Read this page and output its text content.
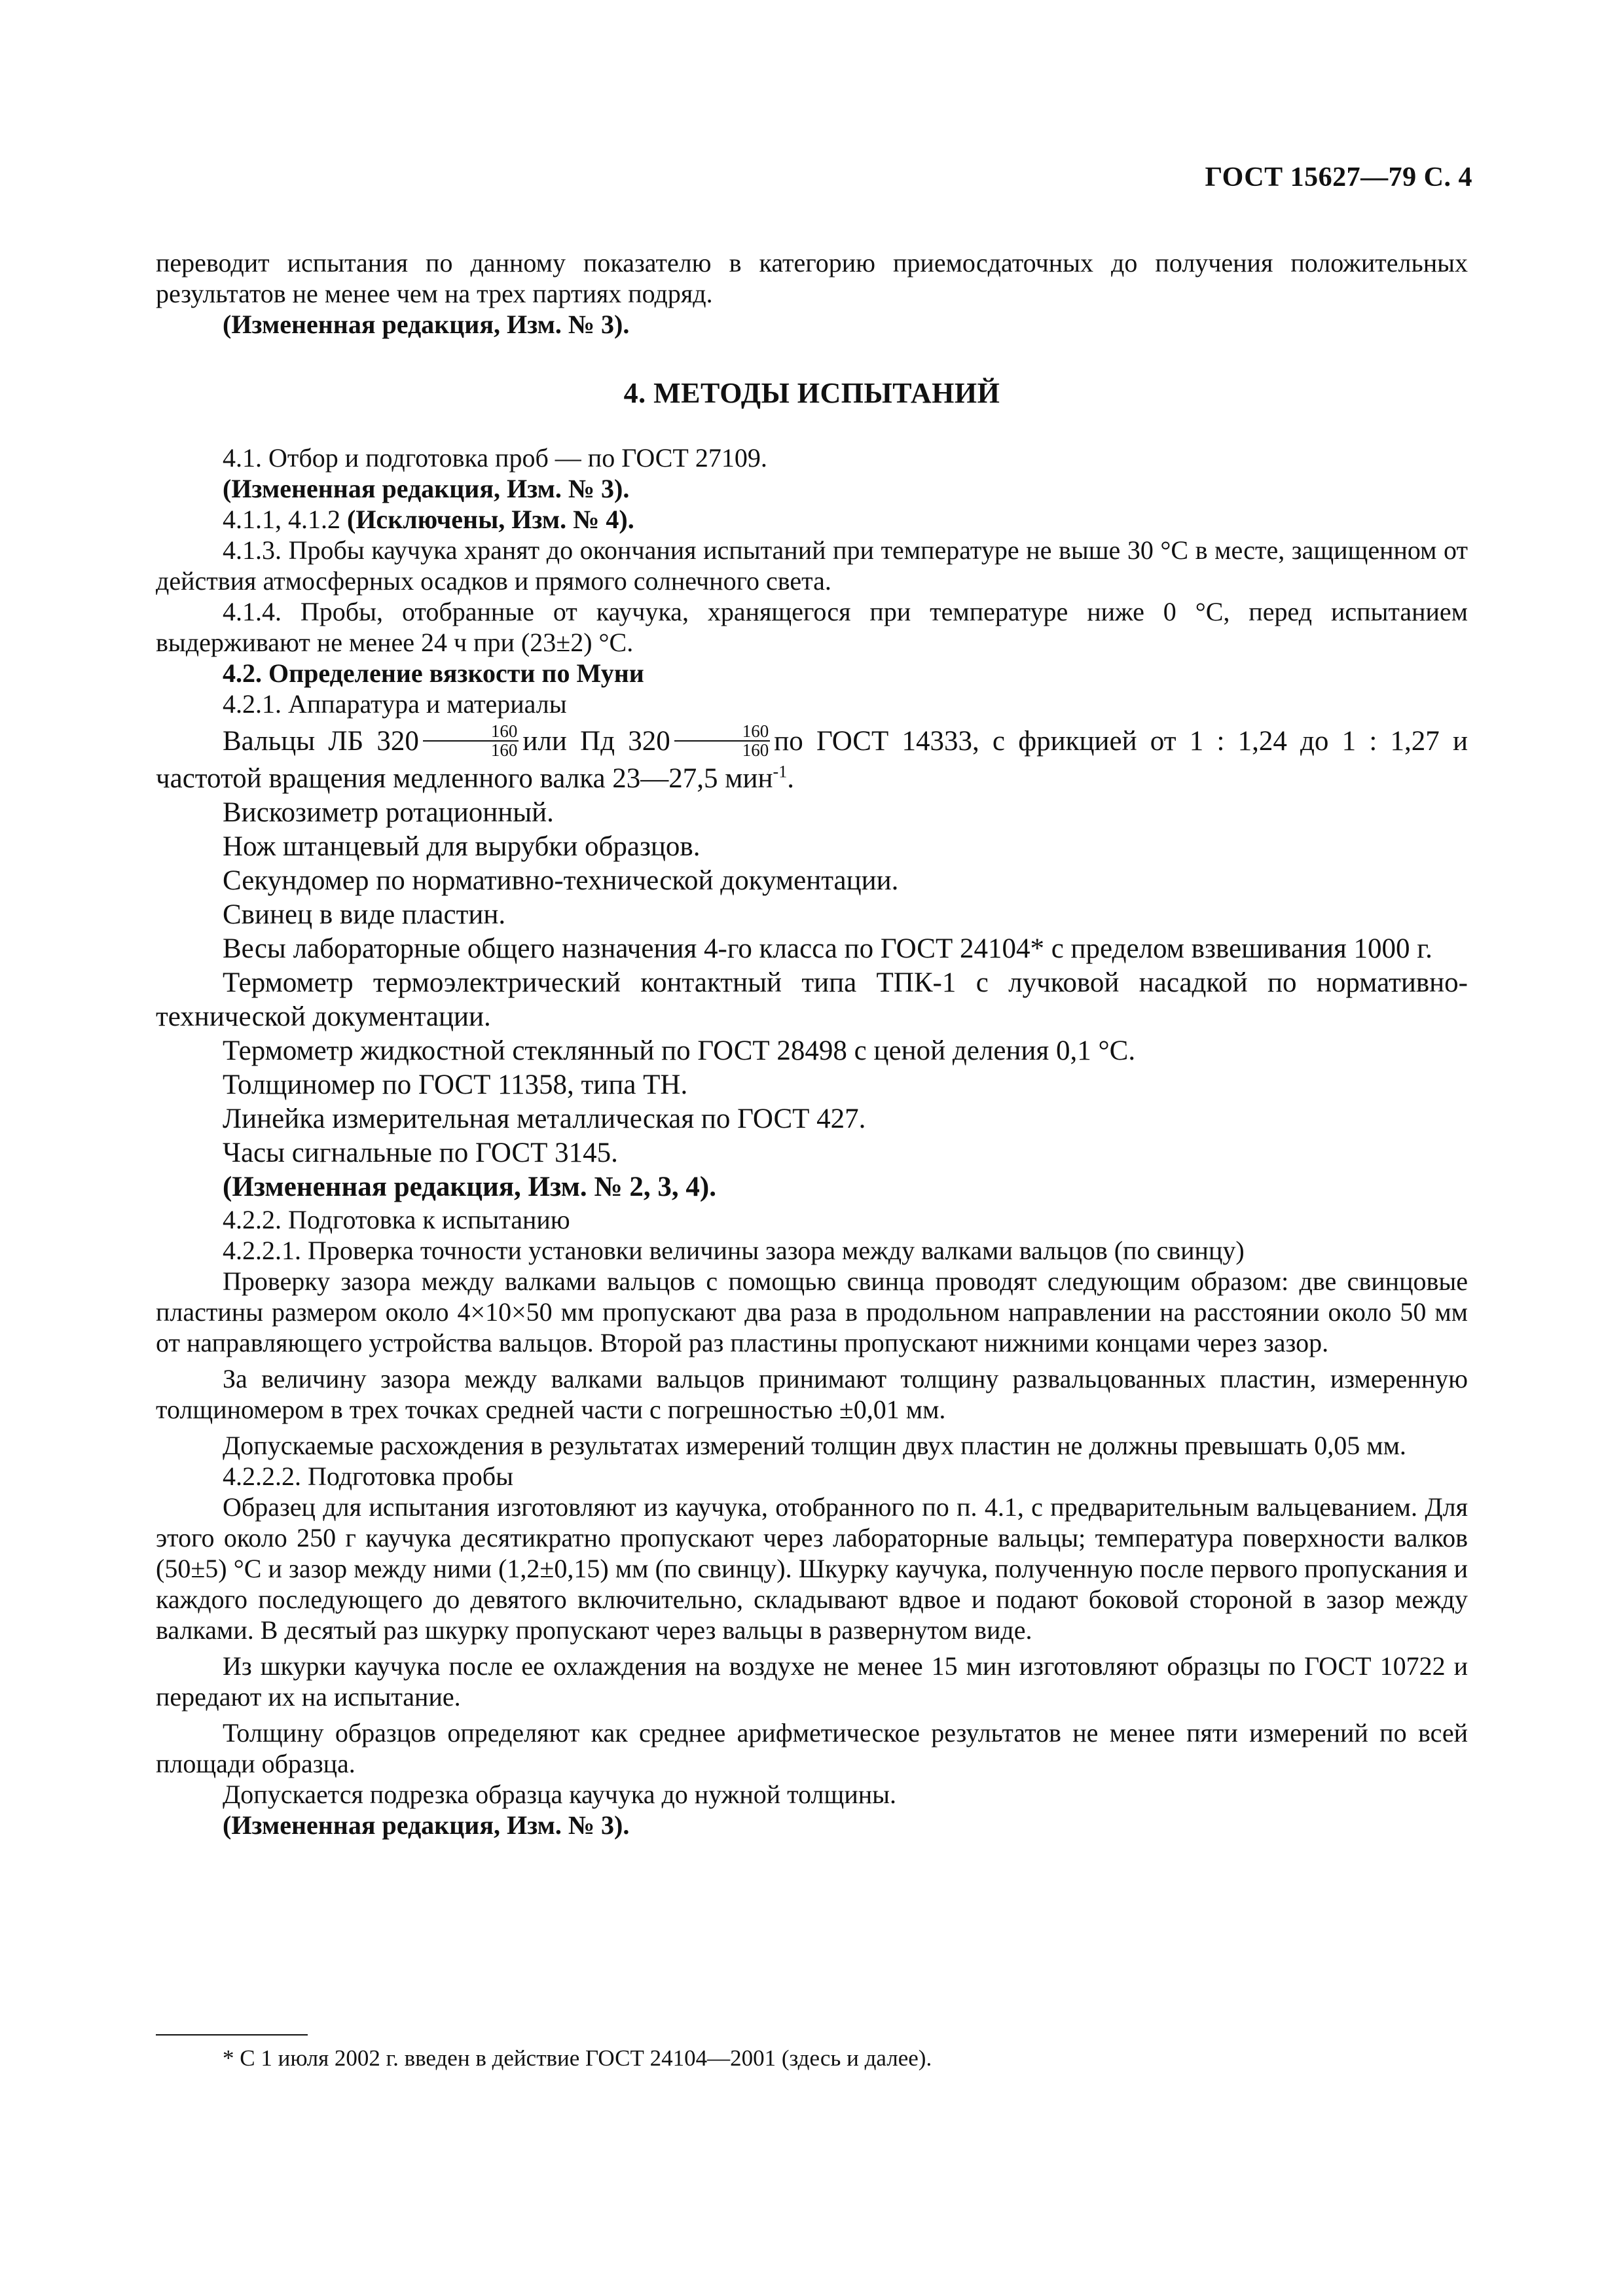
ГОСТ 15627—79 С. 4

переводит испытания по данному показателю в категорию приемосдаточных до получения положительных результатов не менее чем на трех партиях подряд.

(Измененная редакция, Изм. № 3).

4. МЕТОДЫ ИСПЫТАНИЙ

4.1. Отбор и подготовка проб — по ГОСТ 27109.

(Измененная редакция, Изм. № 3).

4.1.1, 4.1.2 (Исключены, Изм. № 4).

4.1.3. Пробы каучука хранят до окончания испытаний при температуре не выше 30 °С в месте, защищенном от действия атмосферных осадков и прямого солнечного света.

4.1.4. Пробы, отобранные от каучука, хранящегося при температуре ниже 0 °С, перед испытанием выдерживают не менее 24 ч при (23±2) °С.

4.2. Определение вязкости по Муни

4.2.1. Аппаратура и материалы

Вальцы ЛБ $320 \frac{160}{160}$ или Пд $320 \frac{160}{160}$ по ГОСТ 14333, с фрикцией от 1 : 1,24 до 1 : 1,27 и частотой вращения медленного валка 23—27,5 мин$^{-1}$.

Вискозиметр ротационный.

Нож штанцевый для вырубки образцов.

Секундомер по нормативно-технической документации.

Свинец в виде пластин.

Весы лабораторные общего назначения 4-го класса по ГОСТ 24104* с пределом взвешивания 1000 г.

Термометр термоэлектрический контактный типа ТПК-1 с лучковой насадкой по нормативно-технической документации.

Термометр жидкостной стеклянный по ГОСТ 28498 с ценой деления 0,1 °С.

Толщиномер по ГОСТ 11358, типа ТН.

Линейка измерительная металлическая по ГОСТ 427.

Часы сигнальные по ГОСТ 3145.

(Измененная редакция, Изм. № 2, 3, 4).

4.2.2. Подготовка к испытанию

4.2.2.1. Проверка точности установки величины зазора между валками вальцов (по свинцу)

Проверку зазора между валками вальцов с помощью свинца проводят следующим образом: две свинцовые пластины размером около 4×10×50 мм пропускают два раза в продольном направлении на расстоянии около 50 мм от направляющего устройства вальцов. Второй раз пластины пропускают нижними концами через зазор.

За величину зазора между валками вальцов принимают толщину развальцованных пластин, измеренную толщиномером в трех точках средней части с погрешностью ±0,01 мм.

Допускаемые расхождения в результатах измерений толщин двух пластин не должны превышать 0,05 мм.

4.2.2.2. Подготовка пробы

Образец для испытания изготовляют из каучука, отобранного по п. 4.1, с предварительным вальцеванием. Для этого около 250 г каучука десятикратно пропускают через лабораторные вальцы; температура поверхности валков (50±5) °С и зазор между ними (1,2±0,15) мм (по свинцу). Шкурку каучука, полученную после первого пропускания и каждого последующего до девятого включительно, складывают вдвое и подают боковой стороной в зазор между валками. В десятый раз шкурку пропускают через вальцы в развернутом виде.

Из шкурки каучука после ее охлаждения на воздухе не менее 15 мин изготовляют образцы по ГОСТ 10722 и передают их на испытание.

Толщину образцов определяют как среднее арифметическое результатов не менее пяти измерений по всей площади образца.

Допускается подрезка образца каучука до нужной толщины.

(Измененная редакция, Изм. № 3).

* С 1 июля 2002 г. введен в действие ГОСТ 24104—2001 (здесь и далее).
